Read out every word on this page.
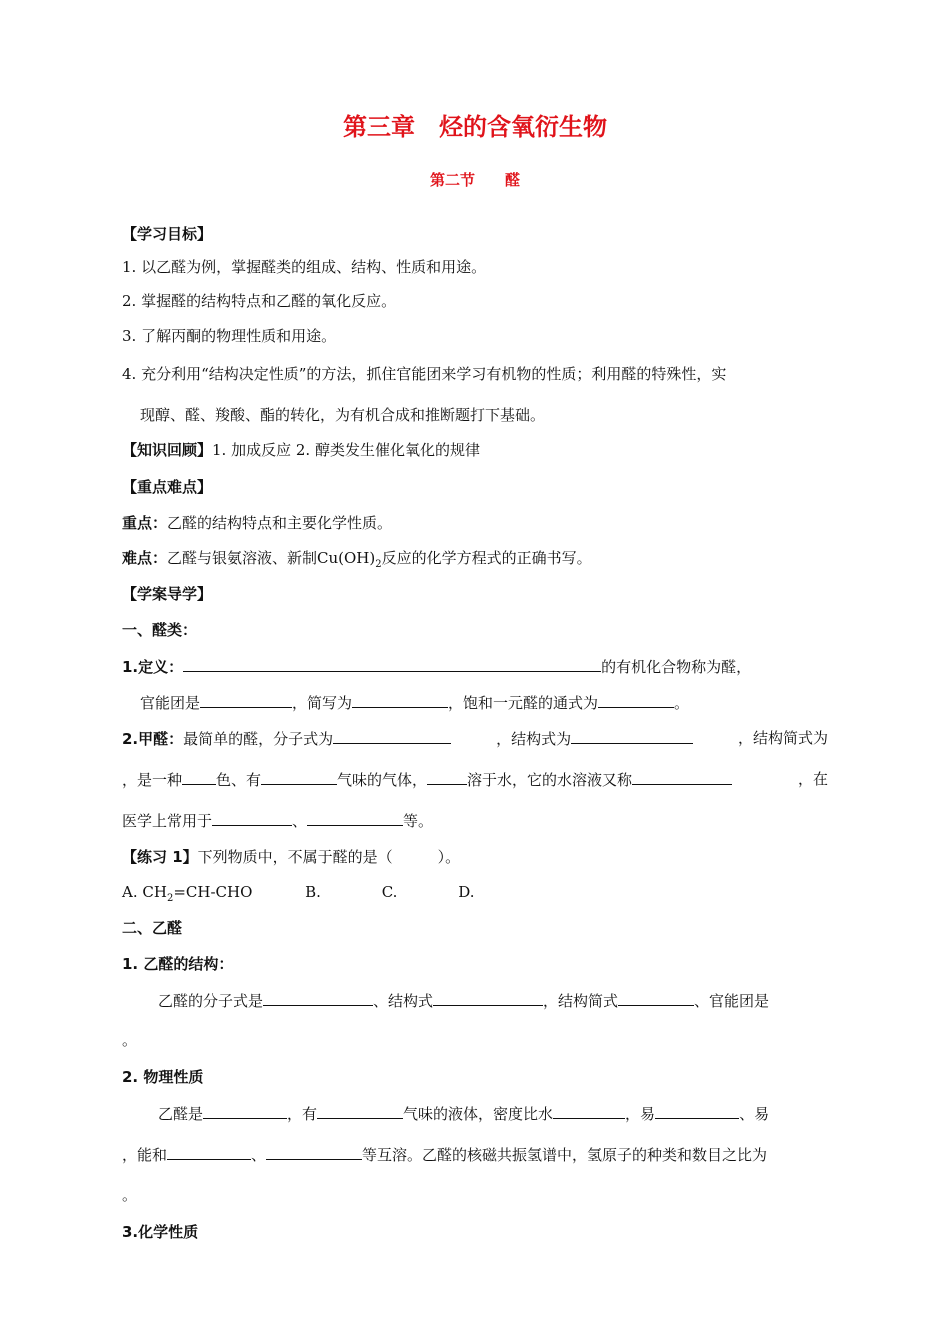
第三章　烃的含氧衍生物
第二节　　醛
【学习目标】
1. 以乙醛为例，掌握醛类的组成、结构、性质和用途。
2. 掌握醛的结构特点和乙醛的氧化反应。
3. 了解丙酮的物理性质和用途。
4. 充分利用“结构决定性质”的方法，抓住官能团来学习有机物的性质；利用醛的特殊性，实
现醇、醛、羧酸、酯的转化，为有机合成和推断题打下基础。
【知识回顾】1. 加成反应 2. 醇类发生催化氧化的规律
【重点难点】
重点：乙醛的结构特点和主要化学性质。
难点：乙醛与银氨溶液、新制$Cu(OH)_2$反应的化学方程式的正确书写。
【学案导学】
一、醛类：
1.定义：	的有机化合物称为醛，
官能团是	，简写为	，饱和一元醛的通式为	。
2.甲醛：最简单的醛，分子式为	，结构式为	，结构简式为
，是一种 色、有	气味的气体，	溶于水，它的水溶液又称	，在
医学上常用于	、	等。
【练习 1】下列物质中，不属于醛的是（　　　）。
A. $CH_2=CH$-CHO	B.	C.	D.
二、乙醛
1. 乙醛的结构：
乙醛的分子式是	、结构式	，结构简式	、官能团是
。
2. 物理性质
乙醛是	，有	气味的液体，密度比水	，易	、易
，能和	、	等互溶。乙醛的核磁共振氢谱中，氢原子的种类和数目之比为
。
3.化学性质
